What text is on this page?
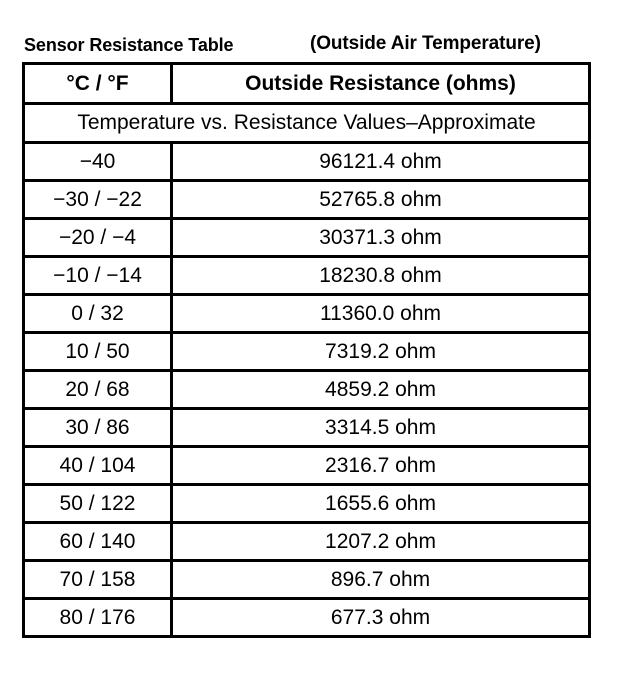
Sensor Resistance Table	(Outside Air Temperature)
°C / °F	Outside Resistance (ohms)
Temperature vs. Resistance Values–Approximate	
−40	96121.4 ohm
−30 / −22	52765.8 ohm
−20 / −4	30371.3 ohm
−10 / −14	18230.8 ohm
0 / 32	11360.0 ohm
10 / 50	7319.2 ohm
20 / 68	4859.2 ohm
30 / 86	3314.5 ohm
40 / 104	2316.7 ohm
50 / 122	1655.6 ohm
60 / 140	1207.2 ohm
70 / 158	896.7 ohm
80 / 176	677.3 ohm
